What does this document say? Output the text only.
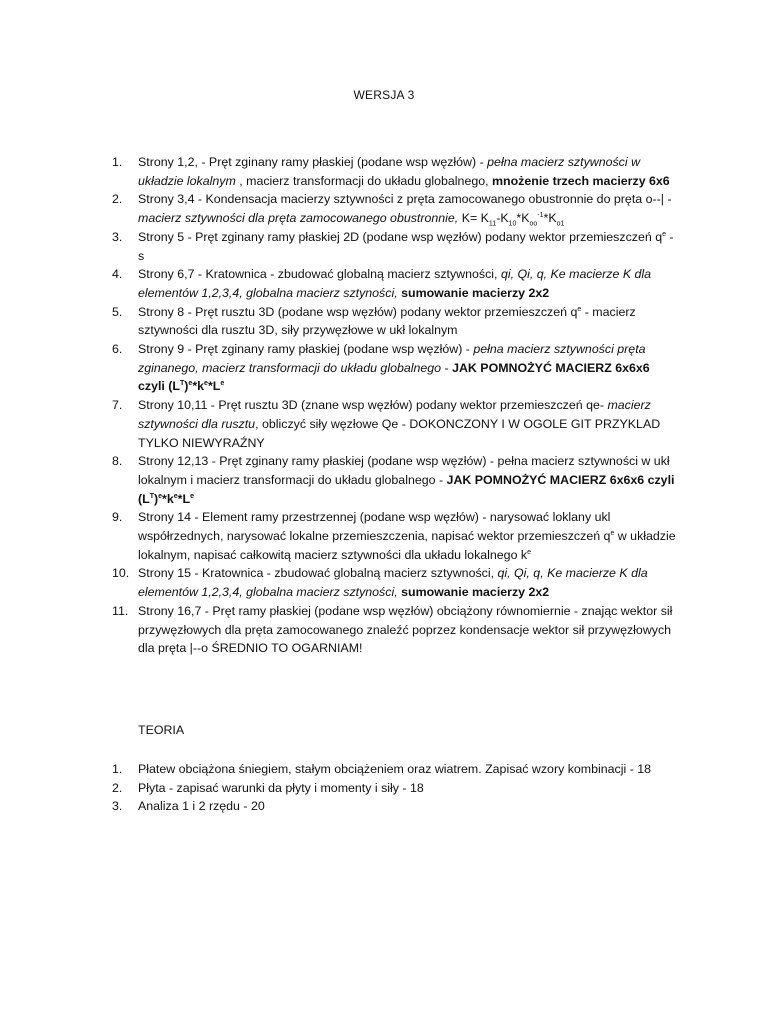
WERSJA 3
1. Strony 1,2, - Pręt zginany ramy płaskiej (podane wsp węzłów) - pełna macierz sztywności w układzie lokalnym , macierz transformacji do układu globalnego, mnożenie trzech macierzy 6x6
2. Strony 3,4 - Kondensacja macierzy sztywności z pręta zamocowanego obustronnie do pręta o--| - macierz sztywności dla pręta zamocowanego obustronnie, $K= K_{11}-K_{10}*K_{oo}^{-1}*K_{o1}$
3. Strony 5 - Pręt zginany ramy płaskiej 2D (podane wsp węzłów) podany wektor przemieszczeń $q^e$ -s
4. Strony 6,7 - Kratownica - zbudować globalną macierz sztywności, qi, Qi, q, Ke macierze K dla elementów 1,2,3,4, globalna macierz sztyności, sumowanie macierzy 2x2
5. Strony 8 - Pręt rusztu 3D (podane wsp węzłów) podany wektor przemieszczeń $q^e$ - macierz sztywności dla rusztu 3D, siły przywęzłowe w ukł lokalnym
6. Strony 9 - Pręt zginany ramy płaskiej (podane wsp węzłów) - pełna macierz sztywności pręta zginanego, macierz transformacji do układu globalnego - JAK POMNOŻYĆ MACIERZ 6x6x6 czyli $(L^T)^e*k^e*Le$
7. Strony 10,11 - Pręt rusztu 3D (znane wsp węzłów) podany wektor przemieszczeń qe- macierz sztywności dla rusztu, obliczyć siły węzłowe Qe - DOKONCZONY I W OGOLE GIT PRZYKLAD TYLKO NIEWYRAŹNY
8. Strony 12,13 - Pręt zginany ramy płaskiej (podane wsp węzłów) - pełna macierz sztywności w ukł lokalnym i macierz transformacji do układu globalnego - JAK POMNOŻYĆ MACIERZ 6x6x6 czyli $(L^T)^e*k^e*Le$
9. Strony 14 - Element ramy przestrzennej (podane wsp węzłów) - narysować loklany ukl współrzednych, narysować lokalne przemieszczenia, napisać wektor przemieszczeń $q^e$ w układzie lokalnym, napisać całkowitą macierz sztywności dla układu lokalnego $k^e$
10. Strony 15 - Kratownica - zbudować globalną macierz sztywności, qi, Qi, q, Ke macierze K dla elementów 1,2,3,4, globalna macierz sztyności, sumowanie macierzy 2x2
11. Strony 16,7 - Pręt ramy płaskiej (podane wsp węzłów) obciążony równomiernie - znając wektor sił przywęzłowych dla pręta zamocowanego znaleźć poprzez kondensacje wektor sił przywęzłowych dla pręta |--o ŚREDNIO TO OGARNIAM!
TEORIA
1. Płatew obciążona śniegiem, stałym obciążeniem oraz wiatrem. Zapisać wzory kombinacji - 18
2. Płyta - zapisać warunki da płyty i momenty i siły - 18
3. Analiza 1 i 2 rzędu - 20
